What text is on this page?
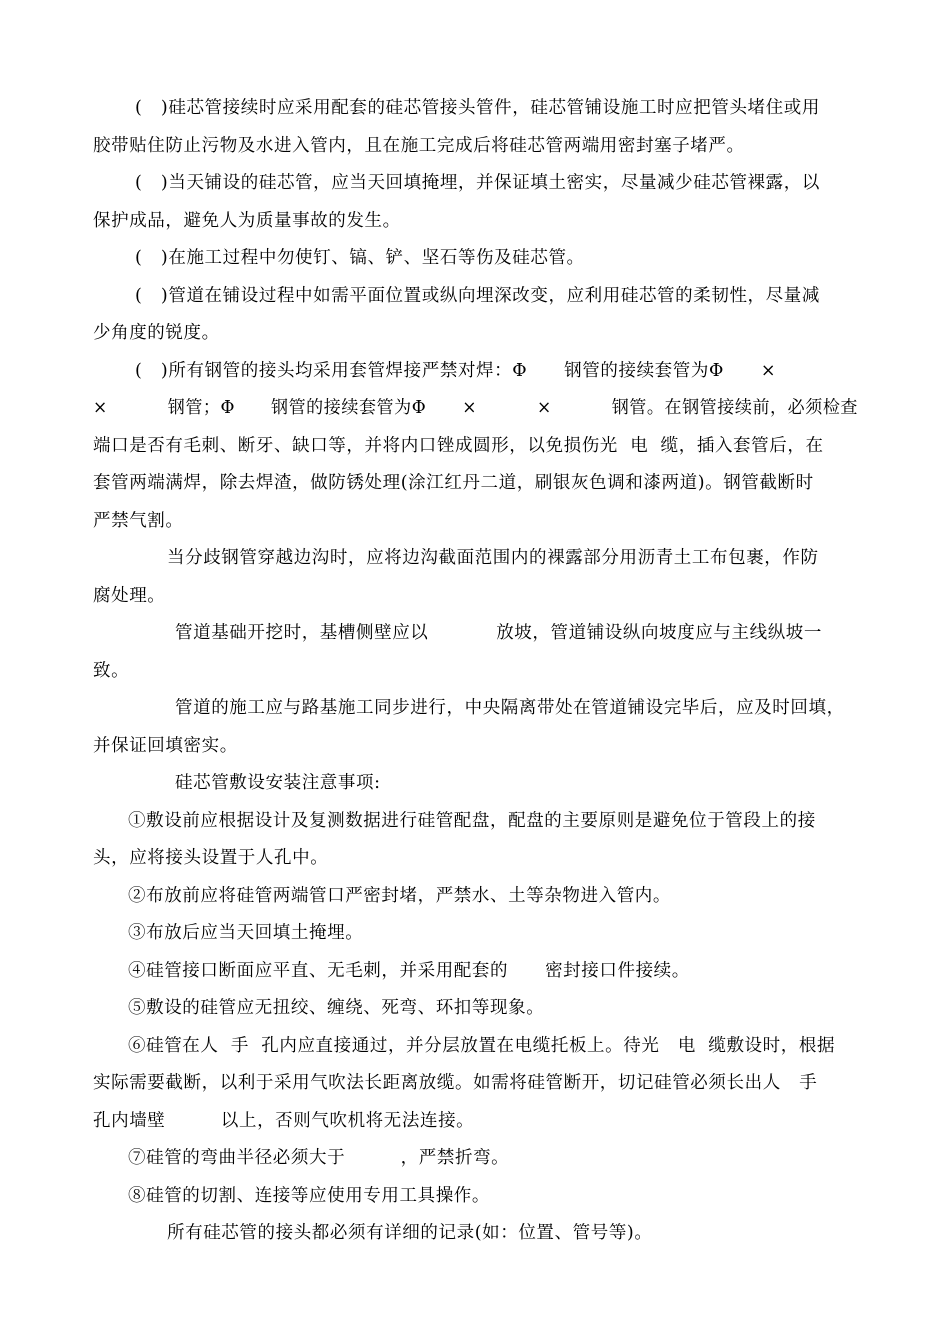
(   )硅芯管接续时应采用配套的硅芯管接头管件，硅芯管铺设施工时应把管头堵住或用
胶带贴住防止污物及水进入管内，且在施工完成后将硅芯管两端用密封塞子堵严。
(   )当天铺设的硅芯管，应当天回填掩埋，并保证填土密实，尽量减少硅芯管裸露，以
保护成品，避免人为质量事故的发生。
(   )在施工过程中勿使钉、镐、铲、坚石等伤及硅芯管。
(   )管道在铺设过程中如需平面位置或纵向埋深改变，应利用硅芯管的柔韧性，尽量减
少角度的锐度。
(   )所有钢管的接头均采用套管焊接严禁对焊：Φ      钢管的接续套管为Φ      ×
×          钢管；Φ      钢管的接续套管为Φ      ×          ×          钢管。在钢管接续前，必须检查
端口是否有毛刺、断牙、缺口等，并将内口锉成圆形，以免损伤光  电  缆，插入套管后，在
套管两端满焊，除去焊渣，做防锈处理(涂江红丹二道，刷银灰色调和漆两道)。钢管截断时
严禁气割。
当分歧钢管穿越边沟时，应将边沟截面范围内的裸露部分用沥青土工布包裹，作防
腐处理。
管道基础开挖时，基槽侧壁应以           放坡，管道铺设纵向坡度应与主线纵坡一
致。
管道的施工应与路基施工同步进行，中央隔离带处在管道铺设完毕后，应及时回填，
并保证回填密实。
硅芯管敷设安装注意事项:
①敷设前应根据设计及复测数据进行硅管配盘，配盘的主要原则是避免位于管段上的接
头，应将接头设置于人孔中。
②布放前应将硅管两端管口严密封堵，严禁水、土等杂物进入管内。
③布放后应当天回填土掩埋。
④硅管接口断面应平直、无毛刺，并采用配套的      密封接口件接续。
⑤敷设的硅管应无扭绞、缠绕、死弯、环扣等现象。
⑥硅管在人  手  孔内应直接通过，并分层放置在电缆托板上。待光   电  缆敷设时，根据
实际需要截断，以利于采用气吹法长距离放缆。如需将硅管断开，切记硅管必须长出人   手
孔内墙壁         以上，否则气吹机将无法连接。
⑦硅管的弯曲半径必须大于         ，严禁折弯。
⑧硅管的切割、连接等应使用专用工具操作。
所有硅芯管的接头都必须有详细的记录(如：位置、管号等)。
